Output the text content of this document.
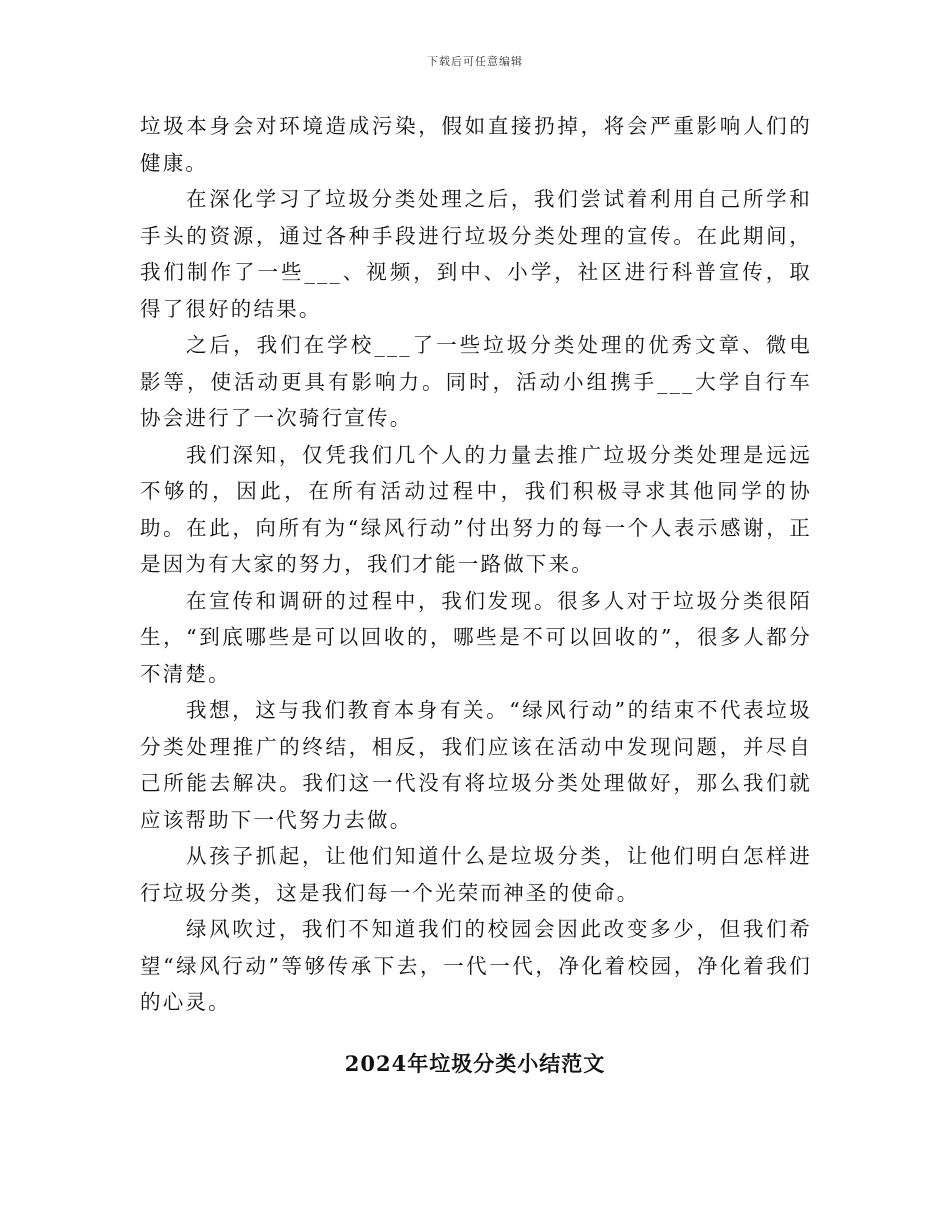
下载后可任意编辑

垃圾本身会对环境造成污染，假如直接扔掉，将会严重影响人们的健康。

在深化学习了垃圾分类处理之后，我们尝试着利用自己所学和手头的资源，通过各种手段进行垃圾分类处理的宣传。在此期间，我们制作了一些___、视频，到中、小学，社区进行科普宣传，取得了很好的结果。

之后，我们在学校___了一些垃圾分类处理的优秀文章、微电影等，使活动更具有影响力。同时，活动小组携手___大学自行车协会进行了一次骑行宣传。

我们深知，仅凭我们几个人的力量去推广垃圾分类处理是远远不够的，因此，在所有活动过程中，我们积极寻求其他同学的协助。在此，向所有为“绿风行动”付出努力的每一个人表示感谢，正是因为有大家的努力，我们才能一路做下来。

在宣传和调研的过程中，我们发现。很多人对于垃圾分类很陌生，“到底哪些是可以回收的，哪些是不可以回收的”，很多人都分不清楚。

我想，这与我们教育本身有关。“绿风行动”的结束不代表垃圾分类处理推广的终结，相反，我们应该在活动中发现问题，并尽自己所能去解决。我们这一代没有将垃圾分类处理做好，那么我们就应该帮助下一代努力去做。

从孩子抓起，让他们知道什么是垃圾分类，让他们明白怎样进行垃圾分类，这是我们每一个光荣而神圣的使命。

绿风吹过，我们不知道我们的校园会因此改变多少，但我们希望“绿风行动”等够传承下去，一代一代，净化着校园，净化着我们的心灵。

2024年垃圾分类小结范文
